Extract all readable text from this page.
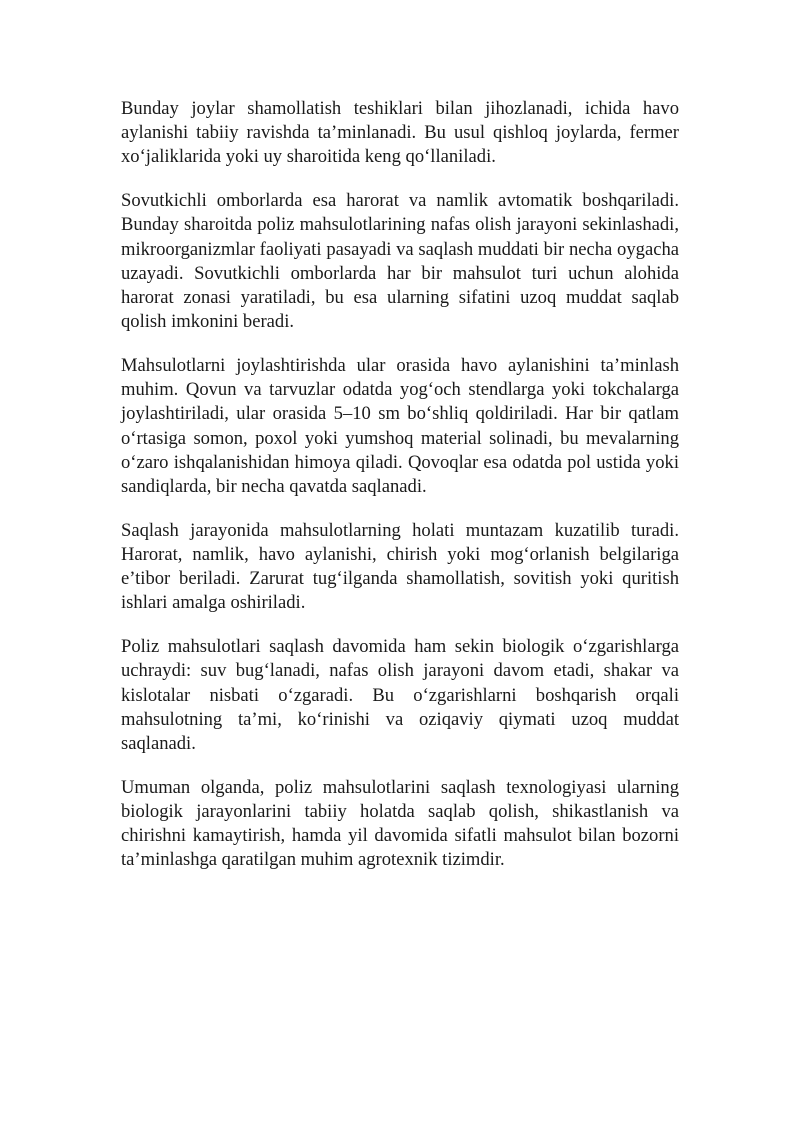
Bunday joylar shamollatish teshiklari bilan jihozlanadi, ichida havo aylanishi tabiiy ravishda ta’minlanadi. Bu usul qishloq joylarda, fermer xo‘jaliklarida yoki uy sharoitida keng qo‘llaniladi.

Sovutkichli omborlarda esa harorat va namlik avtomatik boshqariladi. Bunday sharoitda poliz mahsulotlarining nafas olish jarayoni sekinlashadi, mikroorganizmlar faoliyati pasayadi va saqlash muddati bir necha oygacha uzayadi. Sovutkichli omborlarda har bir mahsulot turi uchun alohida harorat zonasi yaratiladi, bu esa ularning sifatini uzoq muddat saqlab qolish imkonini beradi.

Mahsulotlarni joylashtirishda ular orasida havo aylanishini ta’minlash muhim. Qovun va tarvuzlar odatda yog‘och stendlarga yoki tokchalarga joylashtiriladi, ular orasida 5–10 sm bo‘shliq qoldiriladi. Har bir qatlam o‘rtasiga somon, poxol yoki yumshoq material solinadi, bu mevalarning o‘zaro ishqalanishidan himoya qiladi. Qovoqlar esa odatda pol ustida yoki sandiqlarda, bir necha qavatda saqlanadi.

Saqlash jarayonida mahsulotlarning holati muntazam kuzatilib turadi. Harorat, namlik, havo aylanishi, chirish yoki mog‘orlanish belgilariga e’tibor beriladi. Zarurat tug‘ilganda shamollatish, sovitish yoki quritish ishlari amalga oshiriladi.

Poliz mahsulotlari saqlash davomida ham sekin biologik o‘zgarishlarga uchraydi: suv bug‘lanadi, nafas olish jarayoni davom etadi, shakar va kislotalar nisbati o‘zgaradi. Bu o‘zgarishlarni boshqarish orqali mahsulotning ta’mi, ko‘rinishi va oziqaviy qiymati uzoq muddat saqlanadi.

Umuman olganda, poliz mahsulotlarini saqlash texnologiyasi ularning biologik jarayonlarini tabiiy holatda saqlab qolish, shikastlanish va chirishni kamaytirish, hamda yil davomida sifatli mahsulot bilan bozorni ta’minlashga qaratilgan muhim agrotexnik tizimdir.
